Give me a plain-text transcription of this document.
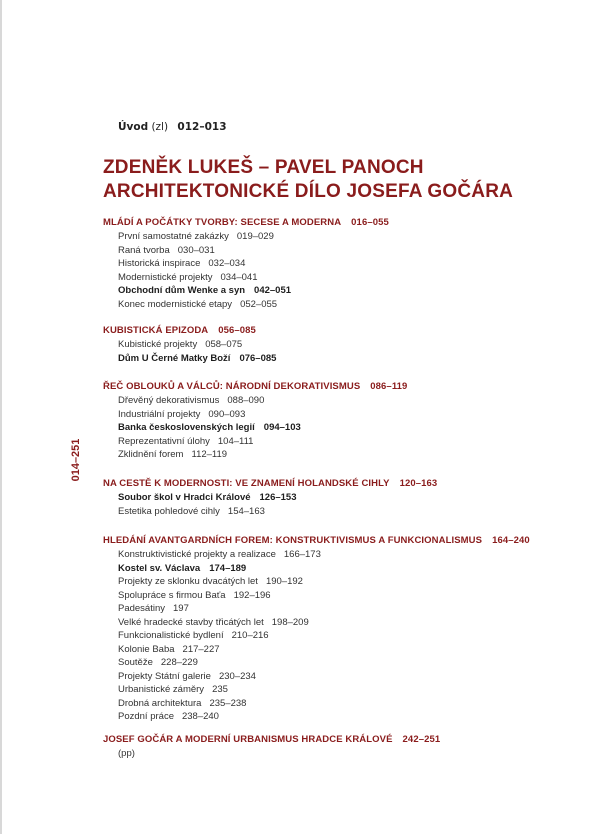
Úvod (zl) 012–013
ZDENĚK LUKEŠ – PAVEL PANOCH
ARCHITEKTONICKÉ DÍLO JOSEFA GOČÁRA
014–251
MLÁDÍ A POČÁTKY TVORBY: SECESE A MODERNA 016–055
První samostatné zakázky 019–029
Raná tvorba 030–031
Historická inspirace 032–034
Modernistické projekty 034–041
Obchodní dům Wenke a syn 042–051
Konec modernistické etapy 052–055
KUBISTICKÁ EPIZODA 056–085
Kubistické projekty 058–075
Dům U Černé Matky Boží 076–085
ŘEČ OBLOUKŮ A VÁLCŮ: NÁRODNÍ DEKORATIVISMUS 086–119
Dřevěný dekorativismus 088–090
Industriální projekty 090–093
Banka československých legií 094–103
Reprezentativní úlohy 104–111
Zklidnění forem 112–119
NA CESTĚ K MODERNOSTI: VE ZNAMENÍ HOLANDSKÉ CIHLY 120–163
Soubor škol v Hradci Králové 126–153
Estetika pohledové cihly 154–163
HLEDÁNÍ AVANTGARDNÍCH FOREM: KONSTRUKTIVISMUS A FUNKCIONALISMUS 164–240
Konstruktivistické projekty a realizace 166–173
Kostel sv. Václava 174–189
Projekty ze sklonku dvacátých let 190–192
Spolupráce s firmou Baťa 192–196
Padesátiny 197
Velké hradecké stavby třicátých let 198–209
Funkcionalistické bydlení 210–216
Kolonie Baba 217–227
Soutěže 228–229
Projekty Státní galerie 230–234
Urbanistické záměry 235
Drobná architektura 235–238
Pozdní práce 238–240
JOSEF GOČÁR A MODERNÍ URBANISMUS HRADCE KRÁLOVÉ 242–251
(pp)
